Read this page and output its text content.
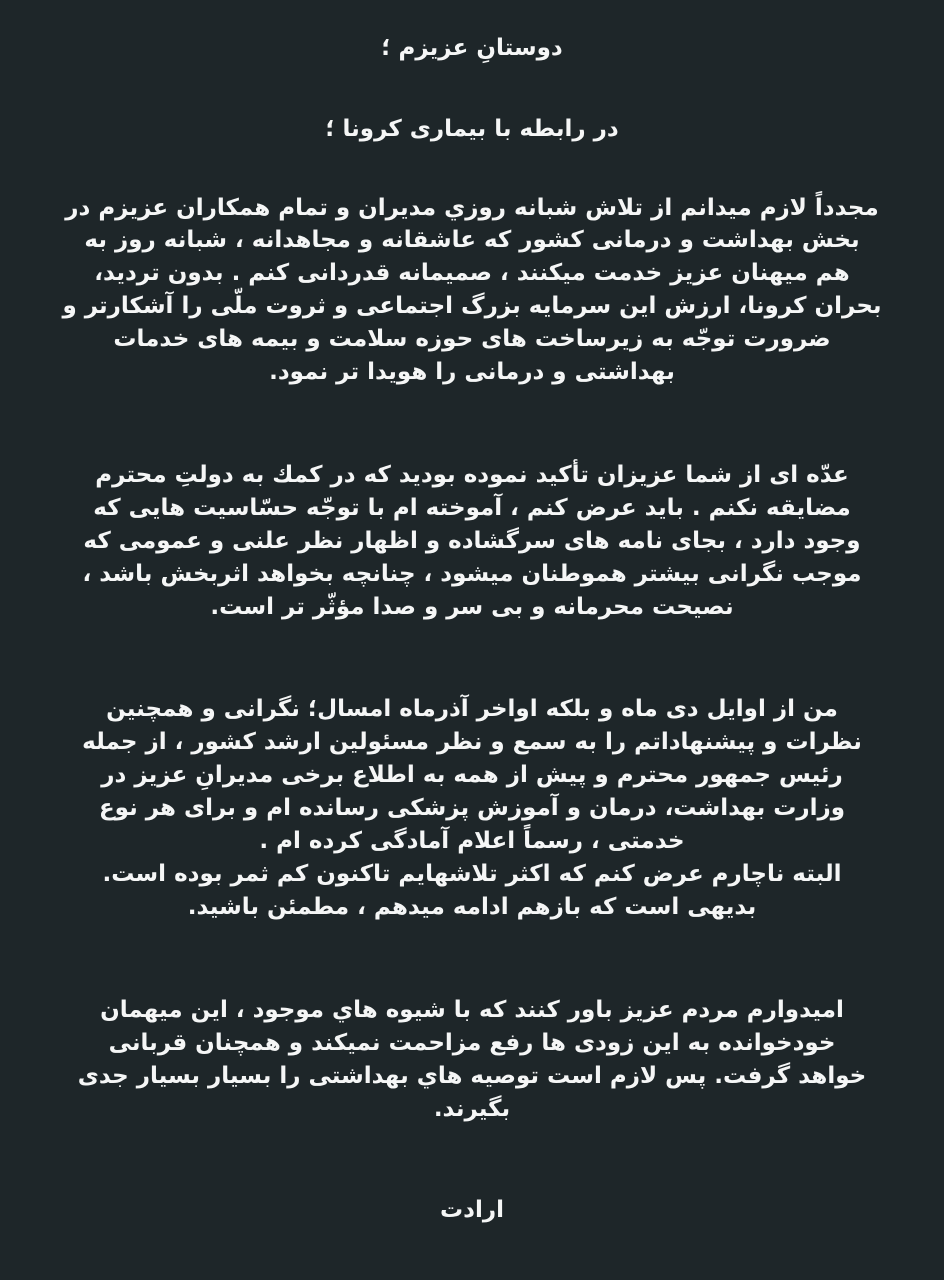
دوستانِ عزیزم ؛
در رابطه با بیماری کرونا ؛
مجدداً لازم میدانم از تلاش شبانه روزي مديران و تمام همکاران عزيزم در
بخش بهداشت و درمانی کشور که عاشقانه و مجاهدانه ، شبانه روز به
هم میهنان عزیز خدمت میکنند ، صمیمانه قدردانی کنم . بدون تردید،
بحران کرونا، ارزش این سرمایه بزرگ اجتماعی و ثروت ملّی را آشکارتر و
ضرورت توجّه به زیرساخت های حوزه سلامت و بیمه های خدمات
بهداشتی و درمانی را هویدا تر نمود.
عدّه ای از شما عزیزان تأکید نموده بودید که در کمك به دولتِ محترم
مضایقه نکنم . باید عرض کنم ، آموخته ام با توجّه حسّاسیت هایی که
وجود دارد ، بجای نامه های سرگشاده و اظهار نظر علنی و عمومی که
موجب نگرانی بیشتر هموطنان میشود ، چنانچه بخواهد اثربخش باشد ،
نصیحت محرمانه و بی سر و صدا مؤثّر تر است.
من از اوایل دی ماه و بلکه اواخر آذرماه امسال؛ نگرانی و همچنین
نظرات و پیشنهاداتم را به سمع و نظر مسئولین ارشد کشور ، از جمله
رئیس جمهور محترم و پیش از همه به اطلاع برخی مدیرانِ عزیز در
وزارت بهداشت، درمان و آموزش پزشکی رسانده ام و برای هر نوع
خدمتی ، رسماً اعلام آمادگی کرده ام .
البته ناچارم عرض کنم که اکثر تلاشهایم تاکنون کم ثمر بوده است.
بدیهی است که بازهم ادامه میدهم ، مطمئن باشید.
امیدوارم مردم عزیز باور کنند که با شیوه هاي موجود ، این میهمان
خودخوانده به این زودی ها رفع مزاحمت نمیکند و همچنان قربانی
خواهد گرفت. پس لازم است توصیه هاي بهداشتی را بسیار بسیار جدی
بگیرند.
ارادت
